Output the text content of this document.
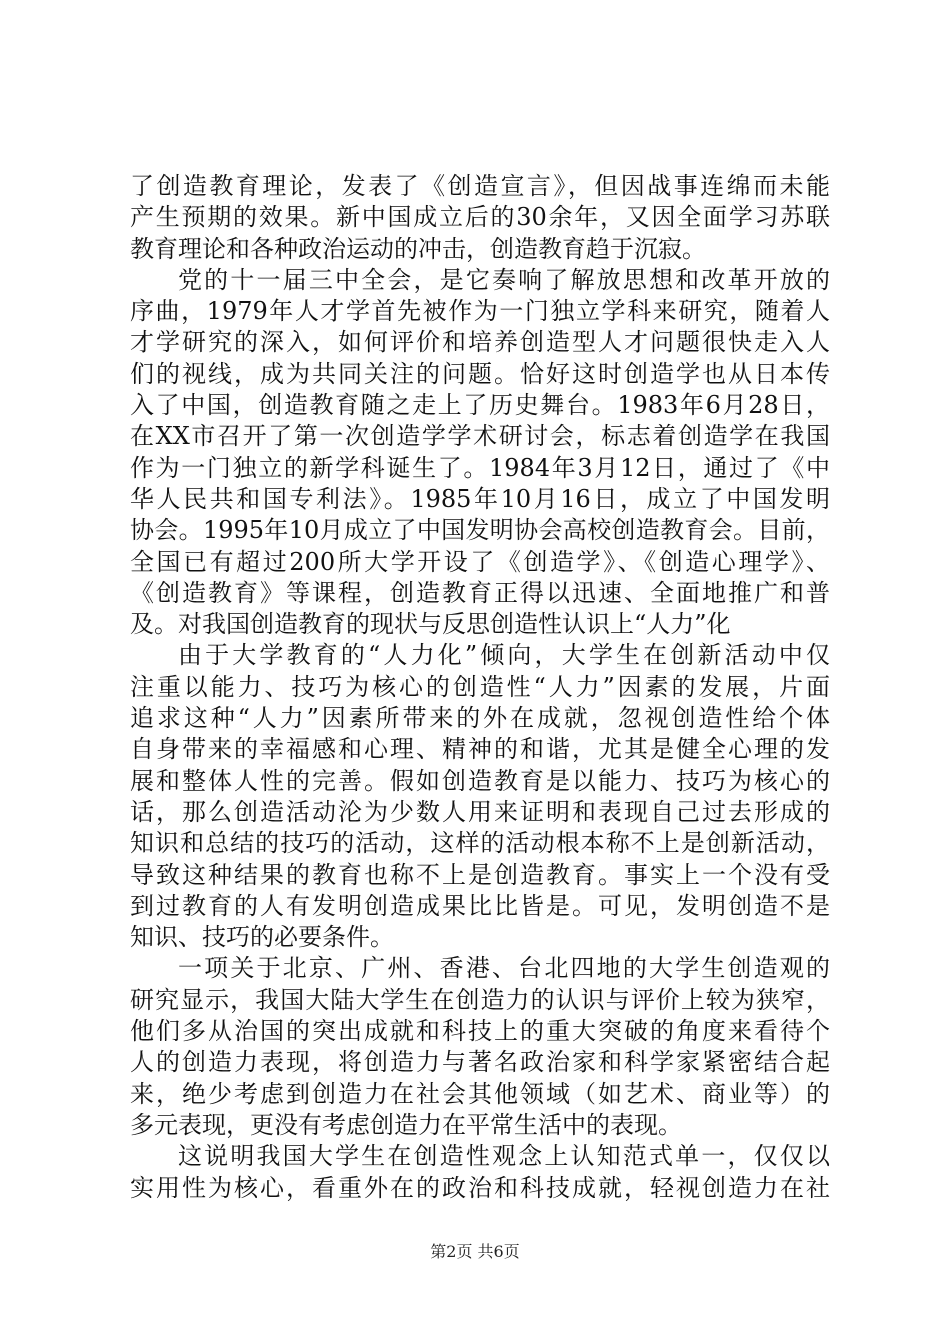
了创造教育理论，发表了《创造宣言》，但因战事连绵而未能
产生预期的效果。新中国成立后的30余年，又因全面学习苏联
教育理论和各种政治运动的冲击，创造教育趋于沉寂。
党的十一届三中全会，是它奏响了解放思想和改革开放的
序曲，1979年人才学首先被作为一门独立学科来研究，随着人
才学研究的深入，如何评价和培养创造型人才问题很快走入人
们的视线，成为共同关注的问题。恰好这时创造学也从日本传
入了中国，创造教育随之走上了历史舞台。1983年6月28日，
在XX市召开了第一次创造学学术研讨会，标志着创造学在我国
作为一门独立的新学科诞生了。1984年3月12日，通过了《中
华人民共和国专利法》。1985年10月16日，成立了中国发明
协会。1995年10月成立了中国发明协会高校创造教育会。目前，
全国已有超过200所大学开设了《创造学》、《创造心理学》、
《创造教育》等课程，创造教育正得以迅速、全面地推广和普
及。对我国创造教育的现状与反思创造性认识上“人力”化
由于大学教育的“人力化”倾向，大学生在创新活动中仅
注重以能力、技巧为核心的创造性“人力”因素的发展，片面
追求这种“人力”因素所带来的外在成就，忽视创造性给个体
自身带来的幸福感和心理、精神的和谐，尤其是健全心理的发
展和整体人性的完善。假如创造教育是以能力、技巧为核心的
话，那么创造活动沦为少数人用来证明和表现自己过去形成的
知识和总结的技巧的活动，这样的活动根本称不上是创新活动，
导致这种结果的教育也称不上是创造教育。事实上一个没有受
到过教育的人有发明创造成果比比皆是。可见，发明创造不是
知识、技巧的必要条件。
一项关于北京、广州、香港、台北四地的大学生创造观的
研究显示，我国大陆大学生在创造力的认识与评价上较为狭窄，
他们多从治国的突出成就和科技上的重大突破的角度来看待个
人的创造力表现，将创造力与著名政治家和科学家紧密结合起
来，绝少考虑到创造力在社会其他领域（如艺术、商业等）的
多元表现，更没有考虑创造力在平常生活中的表现。
这说明我国大学生在创造性观念上认知范式单一，仅仅以
实用性为核心，看重外在的政治和科技成就，轻视创造力在社
第2页 共6页
